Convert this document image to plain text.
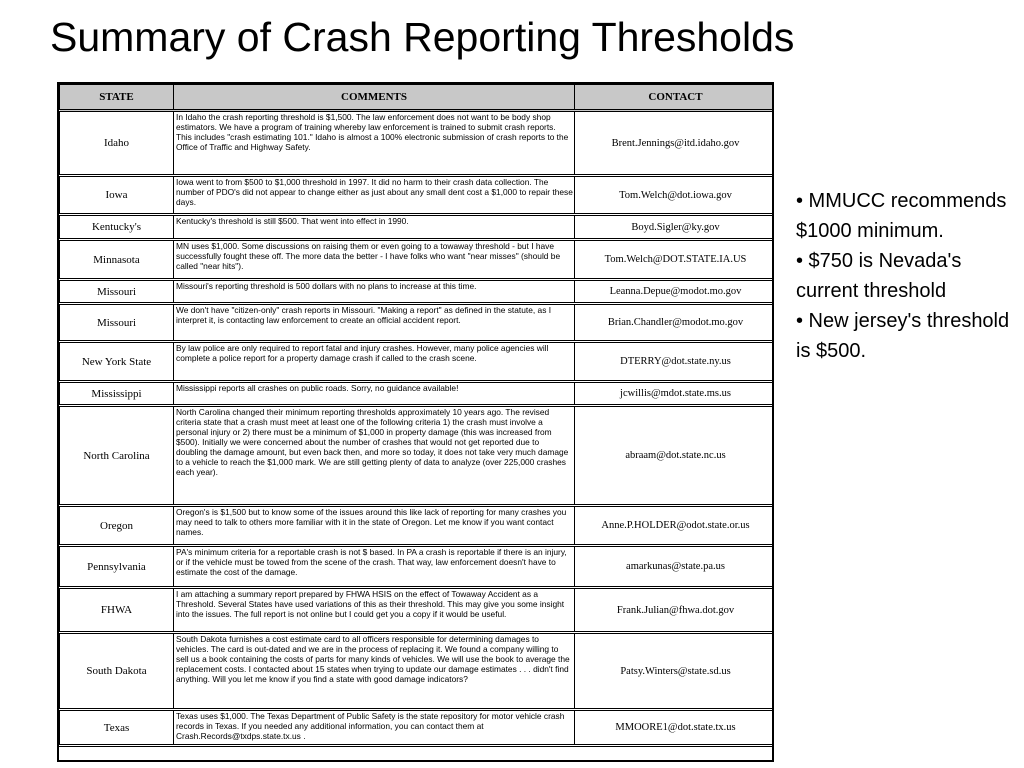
Summary of Crash Reporting Thresholds
STATE	COMMENTS	CONTACT
Idaho	In Idaho the crash reporting threshold is $1,500. The law enforcement does not want to be body shop estimators. We have a program of training whereby law enforcement is trained to submit crash reports. This includes "crash estimating 101." Idaho is almost a 100% electronic submission of crash reports to the Office of Traffic and Highway Safety.	Brent.Jennings@itd.idaho.gov
Iowa	Iowa went to from $500 to $1,000 threshold in 1997. It did no harm to their crash data collection. The number of PDO's did not appear to change either as just about any small dent cost a $1,000 to repair these days.	Tom.Welch@dot.iowa.gov
Kentucky's	Kentucky's threshold is still $500. That went into effect in 1990.	Boyd.Sigler@ky.gov
Minnasota	MN uses $1,000. Some discussions on raising them or even going to a towaway threshold - but I have successfully fought these off. The more data the better - I have folks who want "near misses" (should be called "near hits").	Tom.Welch@DOT.STATE.IA.US
Missouri	Missouri's reporting threshold is 500 dollars with no plans to increase at this time.	Leanna.Depue@modot.mo.gov
Missouri	We don't have "citizen-only" crash reports in Missouri. "Making a report" as defined in the statute, as I interpret it, is contacting law enforcement to create an official accident report.	Brian.Chandler@modot.mo.gov
New York State	By law police are only required to report fatal and injury crashes. However, many police agencies will complete a police report for a property damage crash if called to the crash scene.	DTERRY@dot.state.ny.us
Mississippi	Mississippi reports all crashes on public roads. Sorry, no guidance available!	jcwillis@mdot.state.ms.us
North Carolina	North Carolina changed their minimum reporting thresholds approximately 10 years ago. The revised criteria state that a crash must meet at least one of the following criteria 1) the crash must involve a personal injury or 2) there must be a minimum of $1,000 in property damage (this was increased from $500). Initially we were concerned about the number of crashes that would not get reported due to doubling the damage amount, but even back then, and more so today, it does not take very much damage to a vehicle to reach the $1,000 mark. We are still getting plenty of data to analyze (over 225,000 crashes each year).	abraam@dot.state.nc.us
Oregon	Oregon's is $1,500 but to know some of the issues around this like lack of reporting for many crashes you may need to talk to others more familiar with it in the state of Oregon. Let me know if you want contact names.	Anne.P.HOLDER@odot.state.or.us
Pennsylvania	PA's minimum criteria for a reportable crash is not $ based. In PA a crash is reportable if there is an injury, or if the vehicle must be towed from the scene of the crash. That way, law enforcement doesn't have to estimate the cost of the damage.	amarkunas@state.pa.us
FHWA	I am attaching a summary report prepared by FHWA HSIS on the effect of Towaway Accident as a Threshold. Several States have used variations of this as their threshold. This may give you some insight into the issues. The full report is not online but I could get you a copy if it would be useful.	Frank.Julian@fhwa.dot.gov
South Dakota	South Dakota furnishes a cost estimate card to all officers responsible for determining damages to vehicles. The card is out-dated and we are in the process of replacing it. We found a company willing to sell us a book containing the costs of parts for many kinds of vehicles. We will use the book to average the replacement costs. I contacted about 15 states when trying to update our damage estimates . . . didn't find anything. Will you let me know if you find a state with good damage indicators?	Patsy.Winters@state.sd.us
Texas	Texas uses $1,000. The Texas Department of Public Safety is the state repository for motor vehicle crash records in Texas. If you needed any additional information, you can contact them at Crash.Records@txdps.state.tx.us .	MMOORE1@dot.state.tx.us
• MMUCC recommends $1000 minimum.
• $750 is Nevada's current threshold
• New jersey's threshold is $500.
